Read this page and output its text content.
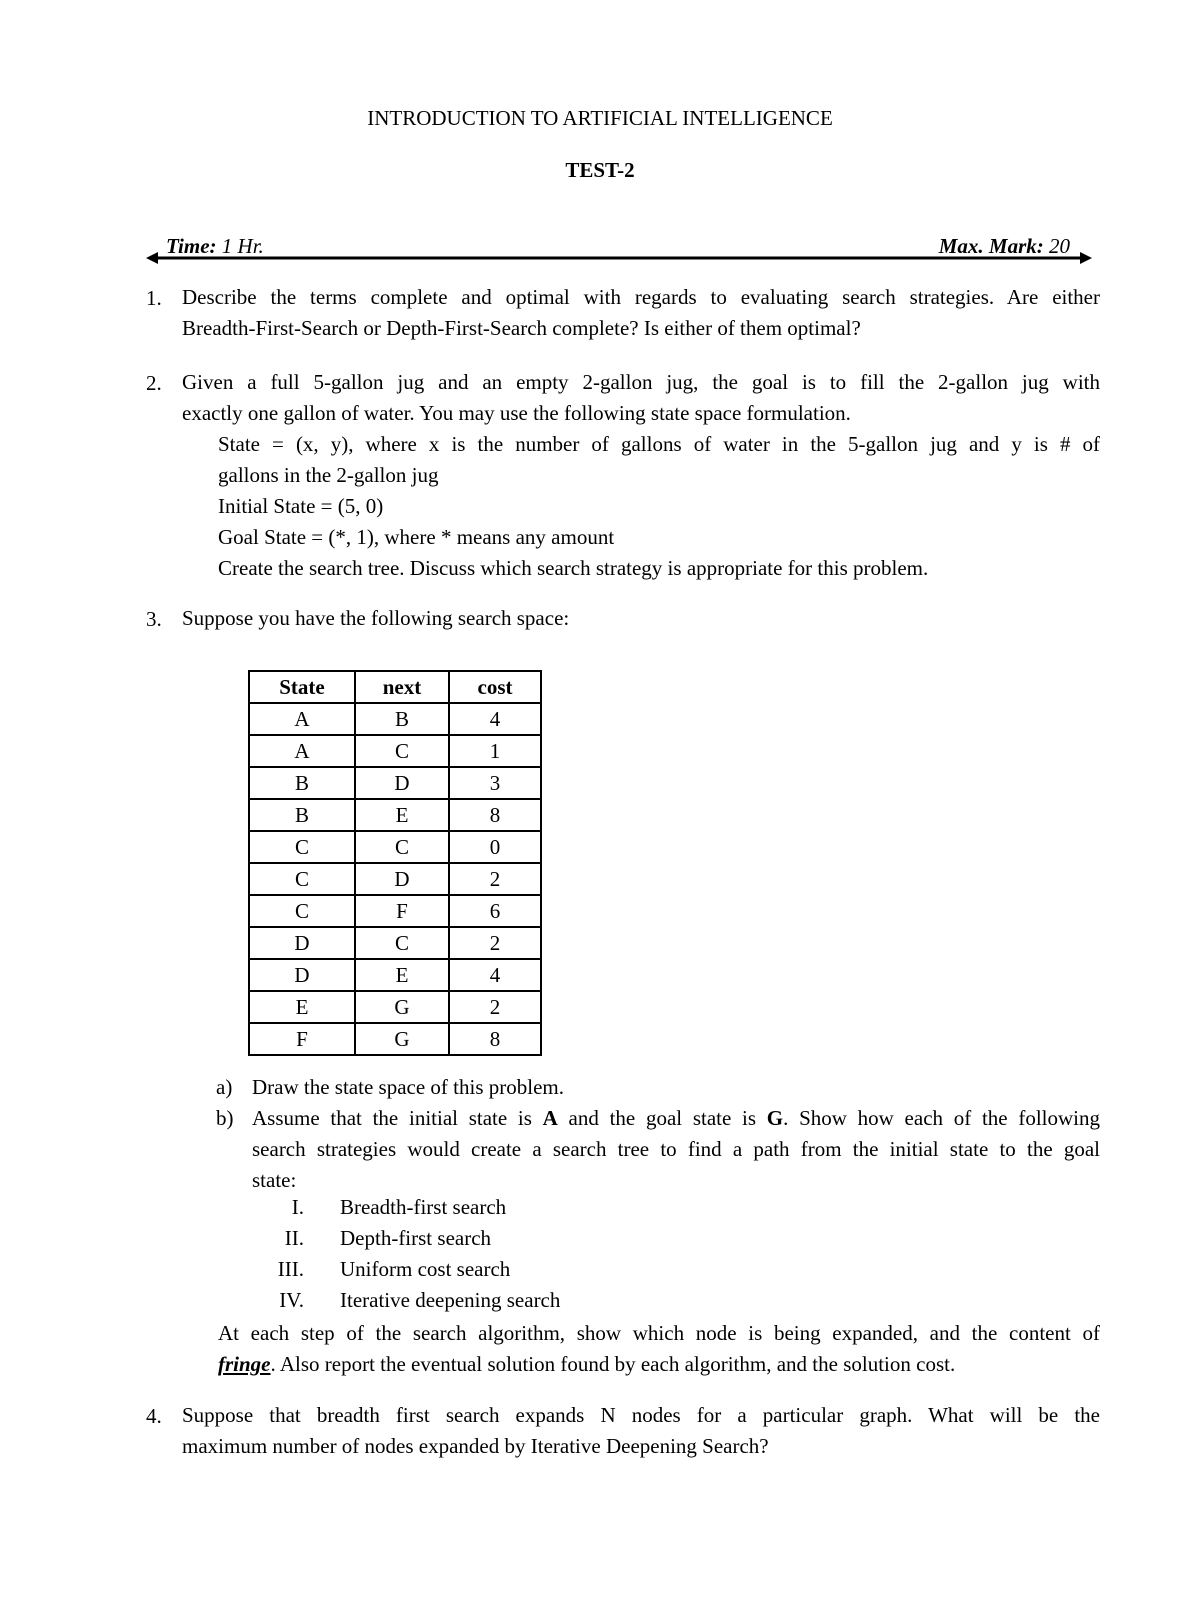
INTRODUCTION TO ARTIFICIAL INTELLIGENCE
TEST-2
Time: 1 Hr.	Max. Mark: 20
1. Describe the terms complete and optimal with regards to evaluating search strategies. Are either

Breadth-First-Search or Depth-First-Search complete? Is either of them optimal?

2. Given a full 5-gallon jug and an empty 2-gallon jug, the goal is to fill the 2-gallon jug with

exactly one gallon of water. You may use the following state space formulation.

State = (x, y), where x is the number of gallons of water in the 5-gallon jug and y is # of

gallons in the 2-gallon jug

Initial State = (5, 0)

Goal State = (*, 1), where * means any amount

Create the search tree. Discuss which search strategy is appropriate for this problem.

3. Suppose you have the following search space:
State	next	cost
A	B	4
A	C	1
B	D	3
B	E	8
C	C	0
C	D	2
C	F	6
D	C	2
D	E	4
E	G	2
F	G	8
a) Draw the state space of this problem.
b) Assume that the initial state is A and the goal state is G. Show how each of the following
search strategies would create a search tree to find a path from the initial state to the goal
state:
I. Breadth-first search
II. Depth-first search
III. Uniform cost search
IV. Iterative deepening search
At each step of the search algorithm, show which node is being expanded, and the content of
fringe. Also report the eventual solution found by each algorithm, and the solution cost.
4. Suppose that breadth first search expands N nodes for a particular graph. What will be the

maximum number of nodes expanded by Iterative Deepening Search?
